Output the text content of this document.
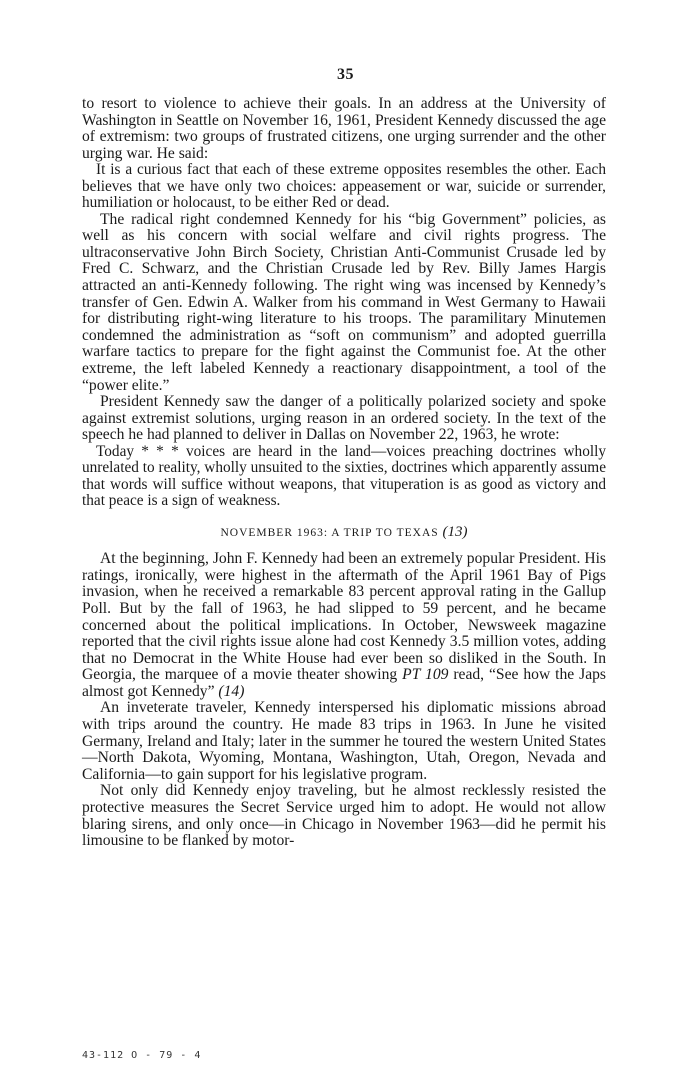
35

to resort to violence to achieve their goals. In an address at the University of Washington in Seattle on November 16, 1961, President Kennedy discussed the age of extremism: two groups of frustrated citizens, one urging surrender and the other urging war. He said:

It is a curious fact that each of these extreme opposites resembles the other. Each believes that we have only two choices: appeasement or war, suicide or surrender, humiliation or holocaust, to be either Red or dead.

The radical right condemned Kennedy for his “big Government” policies, as well as his concern with social welfare and civil rights progress. The ultraconservative John Birch Society, Christian Anti-Communist Crusade led by Fred C. Schwarz, and the Christian Crusade led by Rev. Billy James Hargis attracted an anti-Kennedy following. The right wing was incensed by Kennedy’s transfer of Gen. Edwin A. Walker from his command in West Germany to Hawaii for distributing right-wing literature to his troops. The paramilitary Minutemen condemned the administration as “soft on communism” and adopted guerrilla warfare tactics to prepare for the fight against the Communist foe. At the other extreme, the left labeled Kennedy a reactionary disappointment, a tool of the “power elite.”

President Kennedy saw the danger of a politically polarized society and spoke against extremist solutions, urging reason in an ordered society. In the text of the speech he had planned to deliver in Dallas on November 22, 1963, he wrote:

Today * * * voices are heard in the land—voices preaching doctrines wholly unrelated to reality, wholly unsuited to the sixties, doctrines which apparently assume that words will suffice without weapons, that vituperation is as good as victory and that peace is a sign of weakness.

NOVEMBER 1963: A TRIP TO TEXAS (13)

At the beginning, John F. Kennedy had been an extremely popular President. His ratings, ironically, were highest in the aftermath of the April 1961 Bay of Pigs invasion, when he received a remarkable 83 percent approval rating in the Gallup Poll. But by the fall of 1963, he had slipped to 59 percent, and he became concerned about the political implications. In October, Newsweek magazine reported that the civil rights issue alone had cost Kennedy 3.5 million votes, adding that no Democrat in the White House had ever been so disliked in the South. In Georgia, the marquee of a movie theater showing PT 109 read, “See how the Japs almost got Kennedy” (14)

An inveterate traveler, Kennedy interspersed his diplomatic missions abroad with trips around the country. He made 83 trips in 1963. In June he visited Germany, Ireland and Italy; later in the summer he toured the western United States—North Dakota, Wyoming, Montana, Washington, Utah, Oregon, Nevada and California—to gain support for his legislative program.

Not only did Kennedy enjoy traveling, but he almost recklessly resisted the protective measures the Secret Service urged him to adopt. He would not allow blaring sirens, and only once—in Chicago in November 1963—did he permit his limousine to be flanked by motor-

43-112 O - 79 - 4
